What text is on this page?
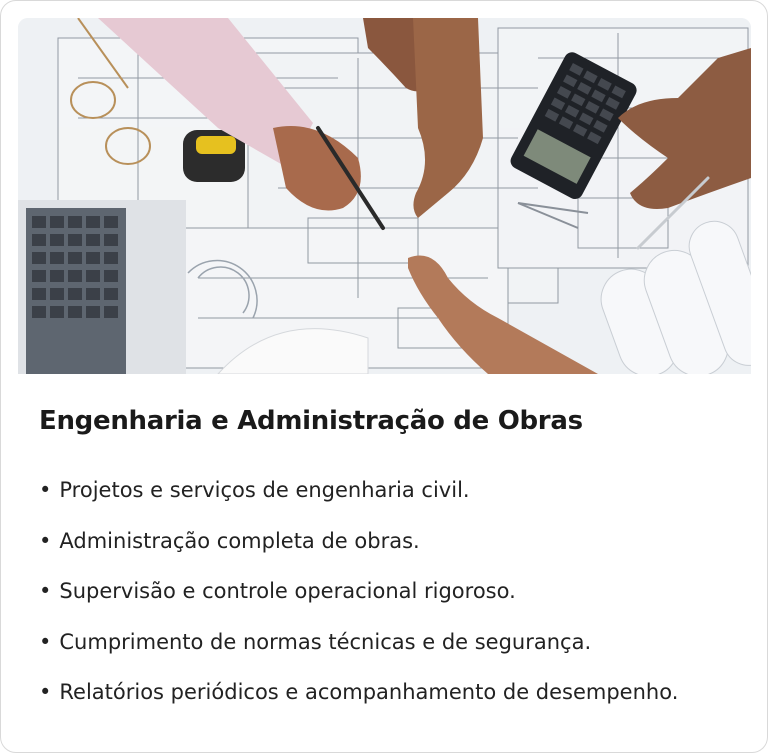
Engenharia e Administração de Obras
• Projetos e serviços de engenharia civil.
• Administração completa de obras.
• Supervisão e controle operacional rigoroso.
• Cumprimento de normas técnicas e de segurança.
• Relatórios periódicos e acompanhamento de desempenho.
